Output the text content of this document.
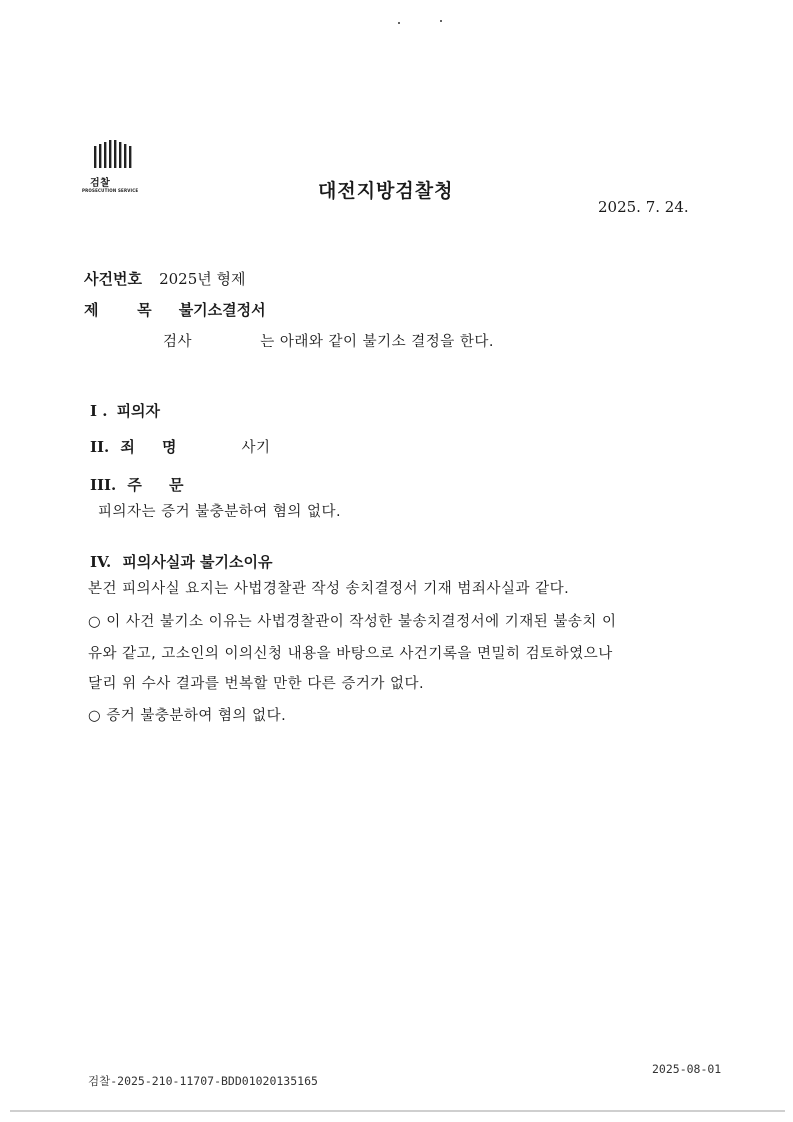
검찰
PROSECUTION SERVICE	대전지방검찰청
2025. 7. 24.
사건번호 2025년 형제
제	목 불기소결정서
검사	는 아래와 같이 불기소 결정을 한다.
I . 피의자
II. 죄 명	사기
III. 주 문
피의자는 증거 불충분하여 혐의 없다.
IV. 피의사실과 불기소이유
본건 피의사실 요지는 사법경찰관 작성 송치결정서 기재 범죄사실과 같다.
○ 이 사건 불기소 이유는 사법경찰관이 작성한 불송치결정서에 기재된 불송치 이
유와 같고, 고소인의 이의신청 내용을 바탕으로 사건기록을 면밀히 검토하였으나
달리 위 수사 결과를 번복할 만한 다른 증거가 없다.
○ 증거 불충분하여 혐의 없다.
2025-08-01
검찰-2025-210-11707-BDD01020135165
